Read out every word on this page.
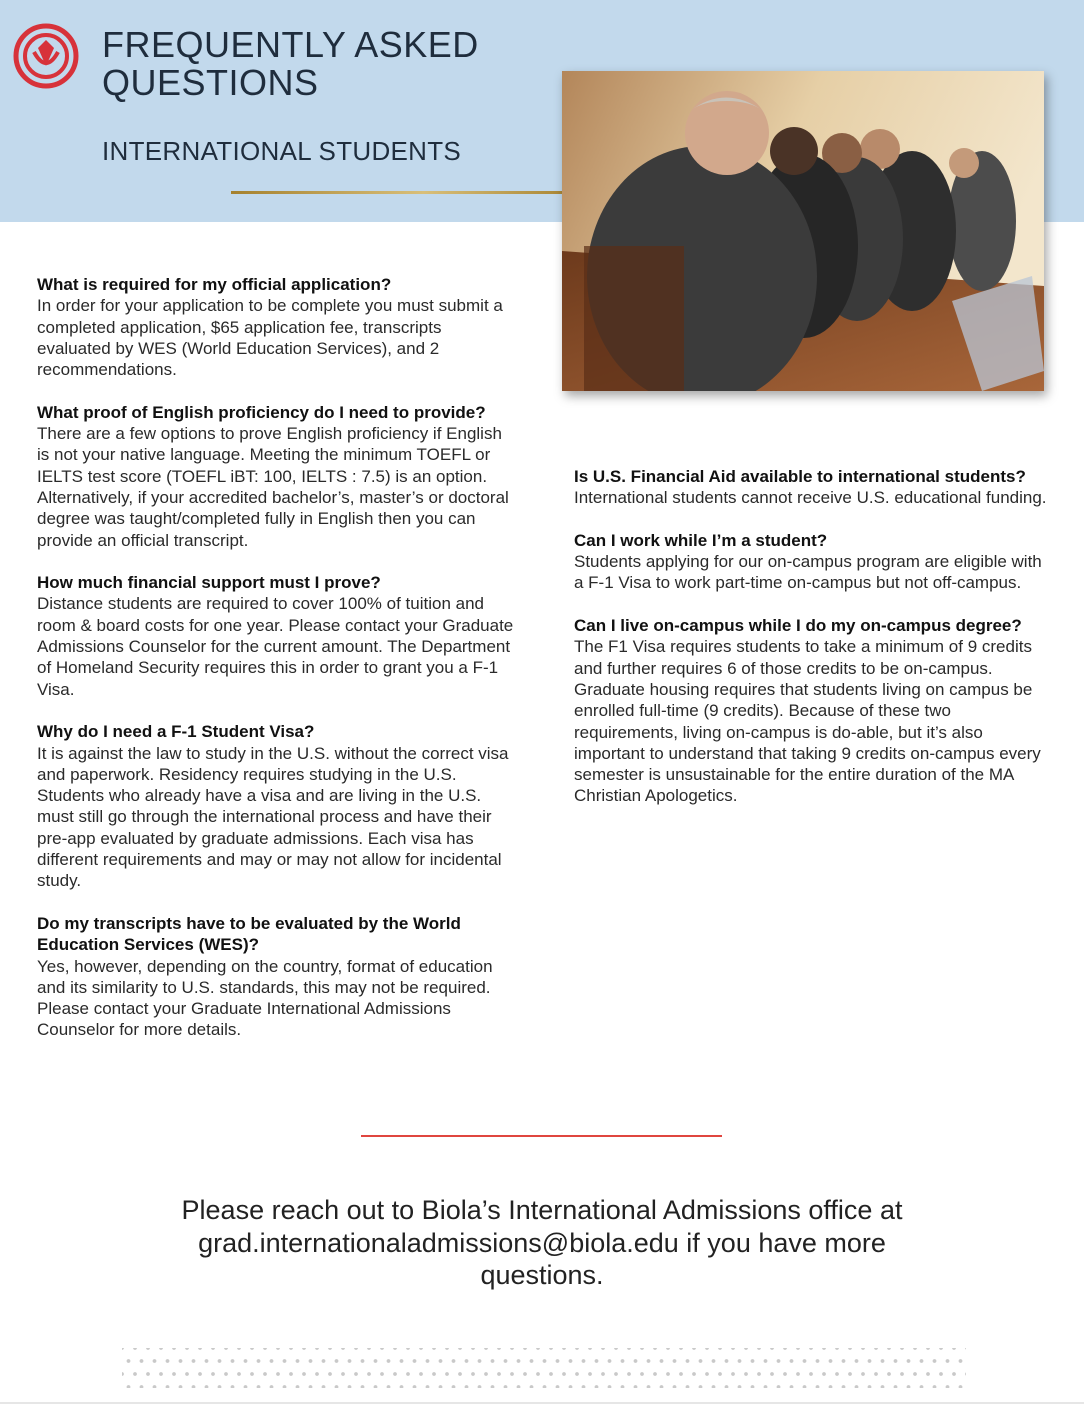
FREQUENTLY ASKED QUESTIONS
INTERNATIONAL STUDENTS
What is required for my official application?

In order for your application to be complete you must submit a completed application, $65 application fee, transcripts evaluated by WES (World Education Services), and 2 recommendations.

What proof of English proficiency do I need to provide?

There are a few options to prove English proficiency if English is not your native language. Meeting the minimum TOEFL or IELTS test score (TOEFL iBT: 100, IELTS : 7.5) is an option. Alternatively, if your accredited bachelor’s, master’s or doctoral degree was taught/completed fully in English then you can provide an official transcript.

How much financial support must I prove?

Distance students are required to cover 100% of tuition and room & board costs for one year. Please contact your Graduate Admissions Counselor for the current amount. The Department of Homeland Security requires this in order to grant you a F-1 Visa.

Why do I need a F-1 Student Visa?

It is against the law to study in the U.S. without the correct visa and paperwork. Residency requires studying in the U.S. Students who already have a visa and are living in the U.S. must still go through the international process and have their pre-app evaluated by graduate admissions. Each visa has different requirements and may or may not allow for incidental study.

Do my transcripts have to be evaluated by the World Education Services (WES)?

Yes, however, depending on the country, format of education and its similarity to U.S. standards, this may not be required. Please contact your Graduate International Admissions Counselor for more details.

Is U.S. Financial Aid available to international students?

International students cannot receive U.S. educational funding.

Can I work while I’m a student?

Students applying for our on-campus program are eligible with a F-1 Visa to work part-time on-campus but not off-campus.

Can I live on-campus while I do my on-campus degree?

The F1 Visa requires students to take a minimum of 9 credits and further requires 6 of those credits to be on-campus. Graduate housing requires that students living on campus be enrolled full-time (9 credits). Because of these two requirements, living on-campus is do-able, but it’s also important to understand that taking 9 credits on-campus every semester is unsustainable for the entire duration of the MA Christian Apologetics.

Please reach out to Biola’s International Admissions office at grad.internationaladmissions@biola.edu if you have more questions.
